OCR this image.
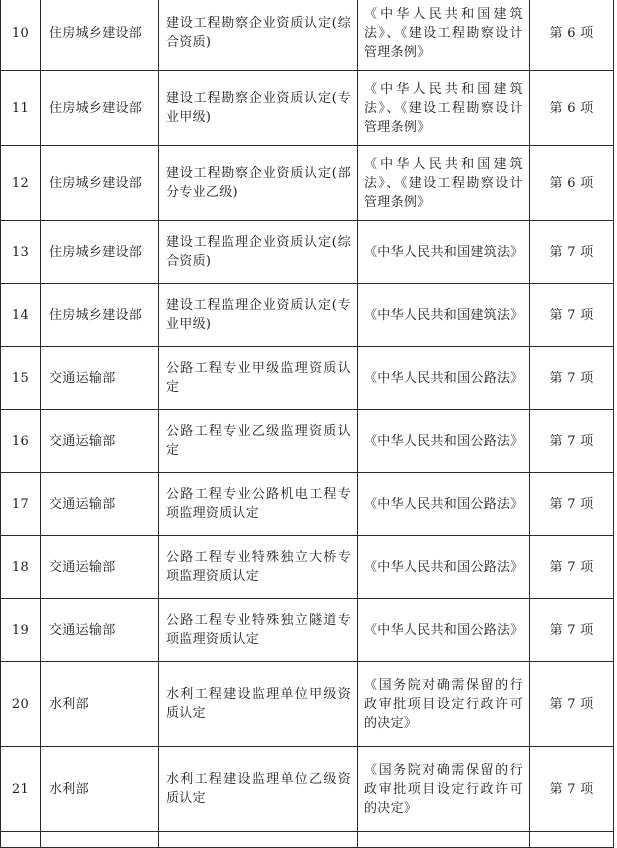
10	住房城乡建设部	建设工程勘察企业资质认定(综合资质)	《中华人民共和国建筑法》、《建设工程勘察设计管理条例》	第 6 项
11	住房城乡建设部	建设工程勘察企业资质认定(专业甲级)	《中华人民共和国建筑法》、《建设工程勘察设计管理条例》	第 6 项
12	住房城乡建设部	建设工程勘察企业资质认定(部分专业乙级)	《中华人民共和国建筑法》、《建设工程勘察设计管理条例》	第 6 项
13	住房城乡建设部	建设工程监理企业资质认定(综合资质)	《中华人民共和国建筑法》	第 7 项
14	住房城乡建设部	建设工程监理企业资质认定(专业甲级)	《中华人民共和国建筑法》	第 7 项
15	交通运输部	公路工程专业甲级监理资质认定	《中华人民共和国公路法》	第 7 项
16	交通运输部	公路工程专业乙级监理资质认定	《中华人民共和国公路法》	第 7 项
17	交通运输部	公路工程专业公路机电工程专项监理资质认定	《中华人民共和国公路法》	第 7 项
18	交通运输部	公路工程专业特殊独立大桥专项监理资质认定	《中华人民共和国公路法》	第 7 项
19	交通运输部	公路工程专业特殊独立隧道专项监理资质认定	《中华人民共和国公路法》	第 7 项
20	水利部	水利工程建设监理单位甲级资质认定	《国务院对确需保留的行政审批项目设定行政许可的决定》	第 7 项
21	水利部	水利工程建设监理单位乙级资质认定	《国务院对确需保留的行政审批项目设定行政许可的决定》	第 7 项
